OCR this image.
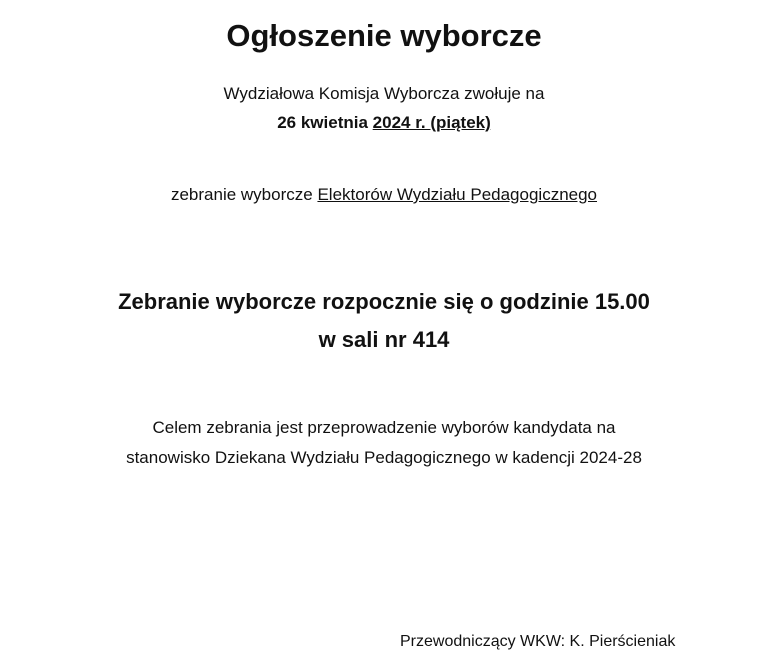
Ogłoszenie wyborcze
Wydziałowa Komisja Wyborcza zwołuje na
26 kwietnia 2024 r. (piątek)
zebranie wyborcze Elektorów Wydziału Pedagogicznego
Zebranie wyborcze rozpocznie się o godzinie 15.00
w sali nr 414
Celem zebrania jest przeprowadzenie wyborów kandydata na
stanowisko Dziekana Wydziału Pedagogicznego w kadencji 2024-28
Przewodniczący WKW: K. Pierścieniak
